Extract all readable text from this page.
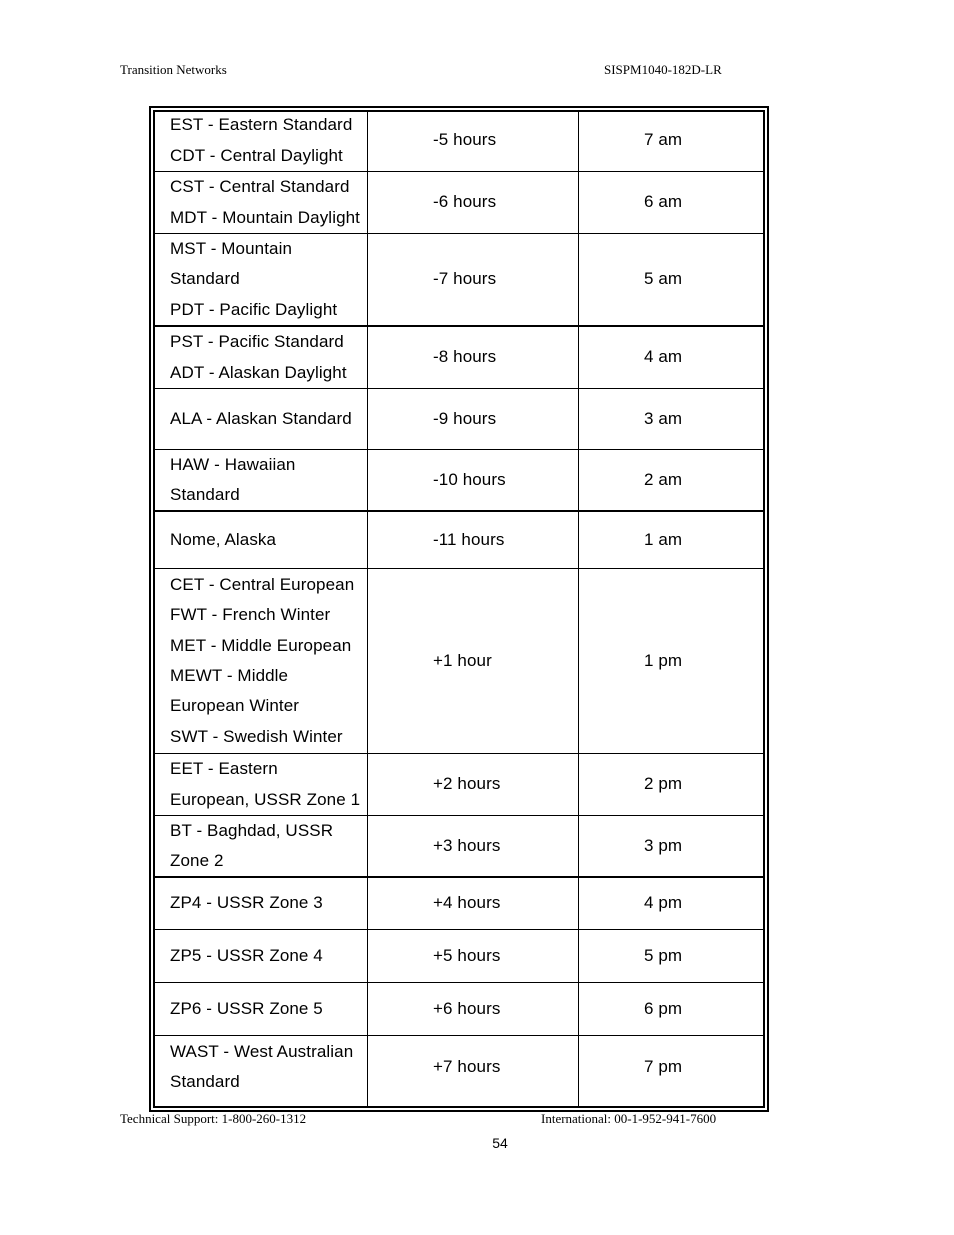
Transition Networks	SISPM1040-182D-LR
EST - Eastern Standard
CDT - Central Daylight
-5 hours	7 am
CST - Central Standard
MDT - Mountain Daylight
-6 hours	6 am
MST - Mountain
Standard
PDT - Pacific Daylight
-7 hours	5 am
PST - Pacific Standard
ADT - Alaskan Daylight
-8 hours	4 am
ALA - Alaskan Standard	-9 hours	3 am
HAW - Hawaiian
Standard
-10 hours	2 am
Nome, Alaska	-11 hours	1 am
CET - Central European
FWT - French Winter
MET - Middle European
MEWT - Middle
European Winter
SWT - Swedish Winter
+1 hour	1 pm
EET - Eastern
European, USSR Zone 1
+2 hours	2 pm
BT - Baghdad, USSR
Zone 2
+3 hours	3 pm
ZP4 - USSR Zone 3	+4 hours	4 pm
ZP5 - USSR Zone 4	+5 hours	5 pm
ZP6 - USSR Zone 5	+6 hours	6 pm
WAST - West Australian
Standard
+7 hours	7 pm
Technical Support: 1-800-260-1312	International: 00-1-952-941-7600
54
